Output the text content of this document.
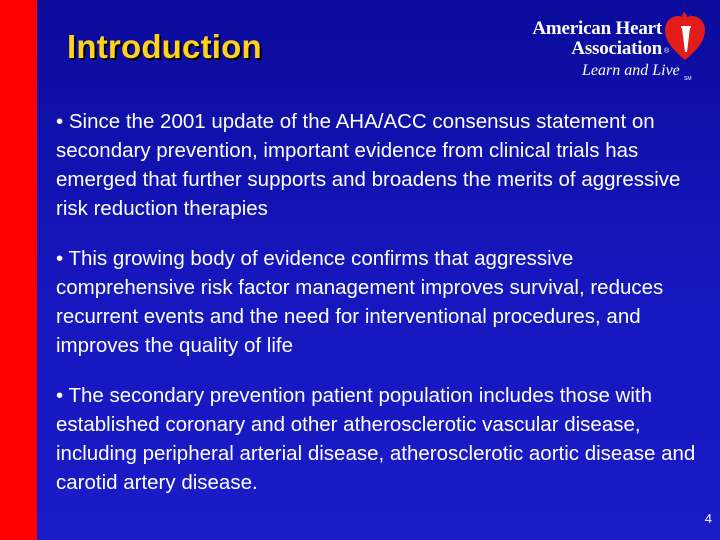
Introduction	American Heart
Association ®
Learn and Live SM
• Since the 2001 update of the AHA/ACC consensus statement on secondary prevention, important evidence from clinical trials has emerged that further supports and broadens the merits of aggressive risk reduction therapies
• This growing body of evidence confirms that aggressive comprehensive risk factor management improves survival, reduces recurrent events and the need for interventional procedures, and improves the quality of life
• The secondary prevention patient population includes those with established coronary and other atherosclerotic vascular disease, including peripheral arterial disease, atherosclerotic aortic disease and carotid artery disease.
4
